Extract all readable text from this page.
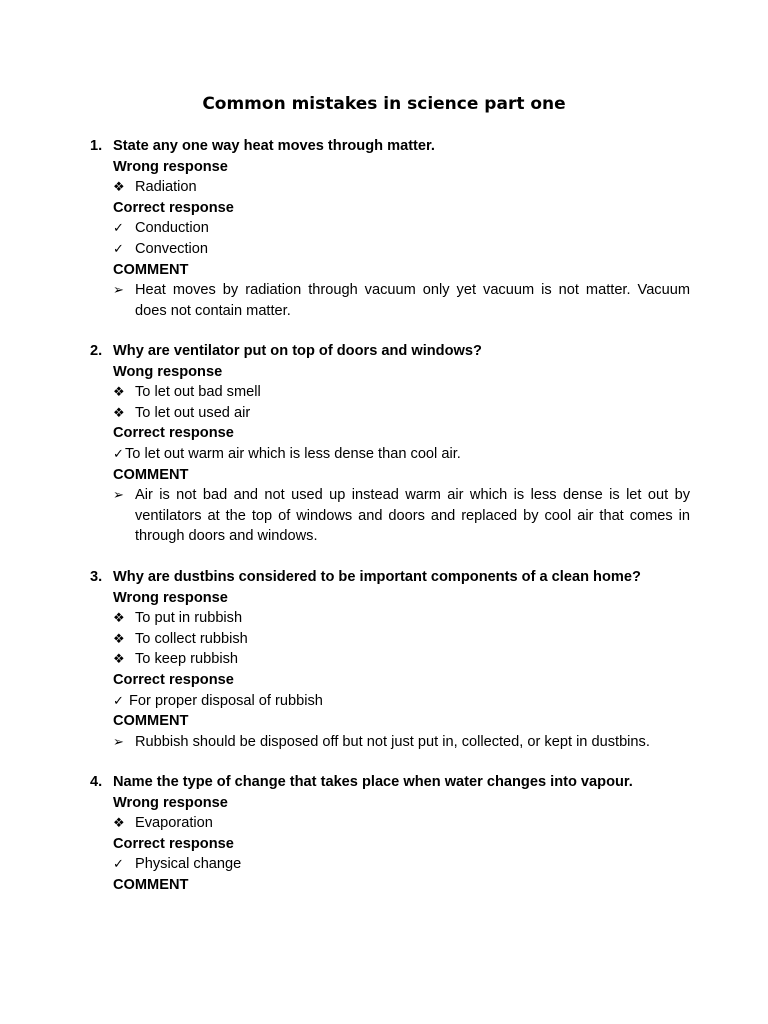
Common mistakes in science part one
1. State any one way heat moves through matter.
Wrong response
❖ Radiation
Correct response
✓ Conduction
✓ Convection
COMMENT
➢ Heat moves by radiation through vacuum only yet vacuum is not matter. Vacuum does not contain matter.
2. Why are ventilator put on top of doors and windows?
Wong response
❖ To let out bad smell
❖ To let out used air
Correct response
✓ To let out warm air which is less dense than cool air.
COMMENT
➢ Air is not bad and not used up instead warm air which is less dense is let out by ventilators at the top of windows and doors and replaced by cool air that comes in through doors and windows.
3. Why are dustbins considered to be important components of a clean home?
Wrong response
❖ To put in rubbish
❖ To collect rubbish
❖ To keep rubbish
Correct response
✓ For proper disposal of rubbish
COMMENT
➢ Rubbish should be disposed off but not just put in, collected, or kept in dustbins.
4. Name the type of change that takes place when water changes into vapour.
Wrong response
❖ Evaporation
Correct response
✓ Physical change
COMMENT
